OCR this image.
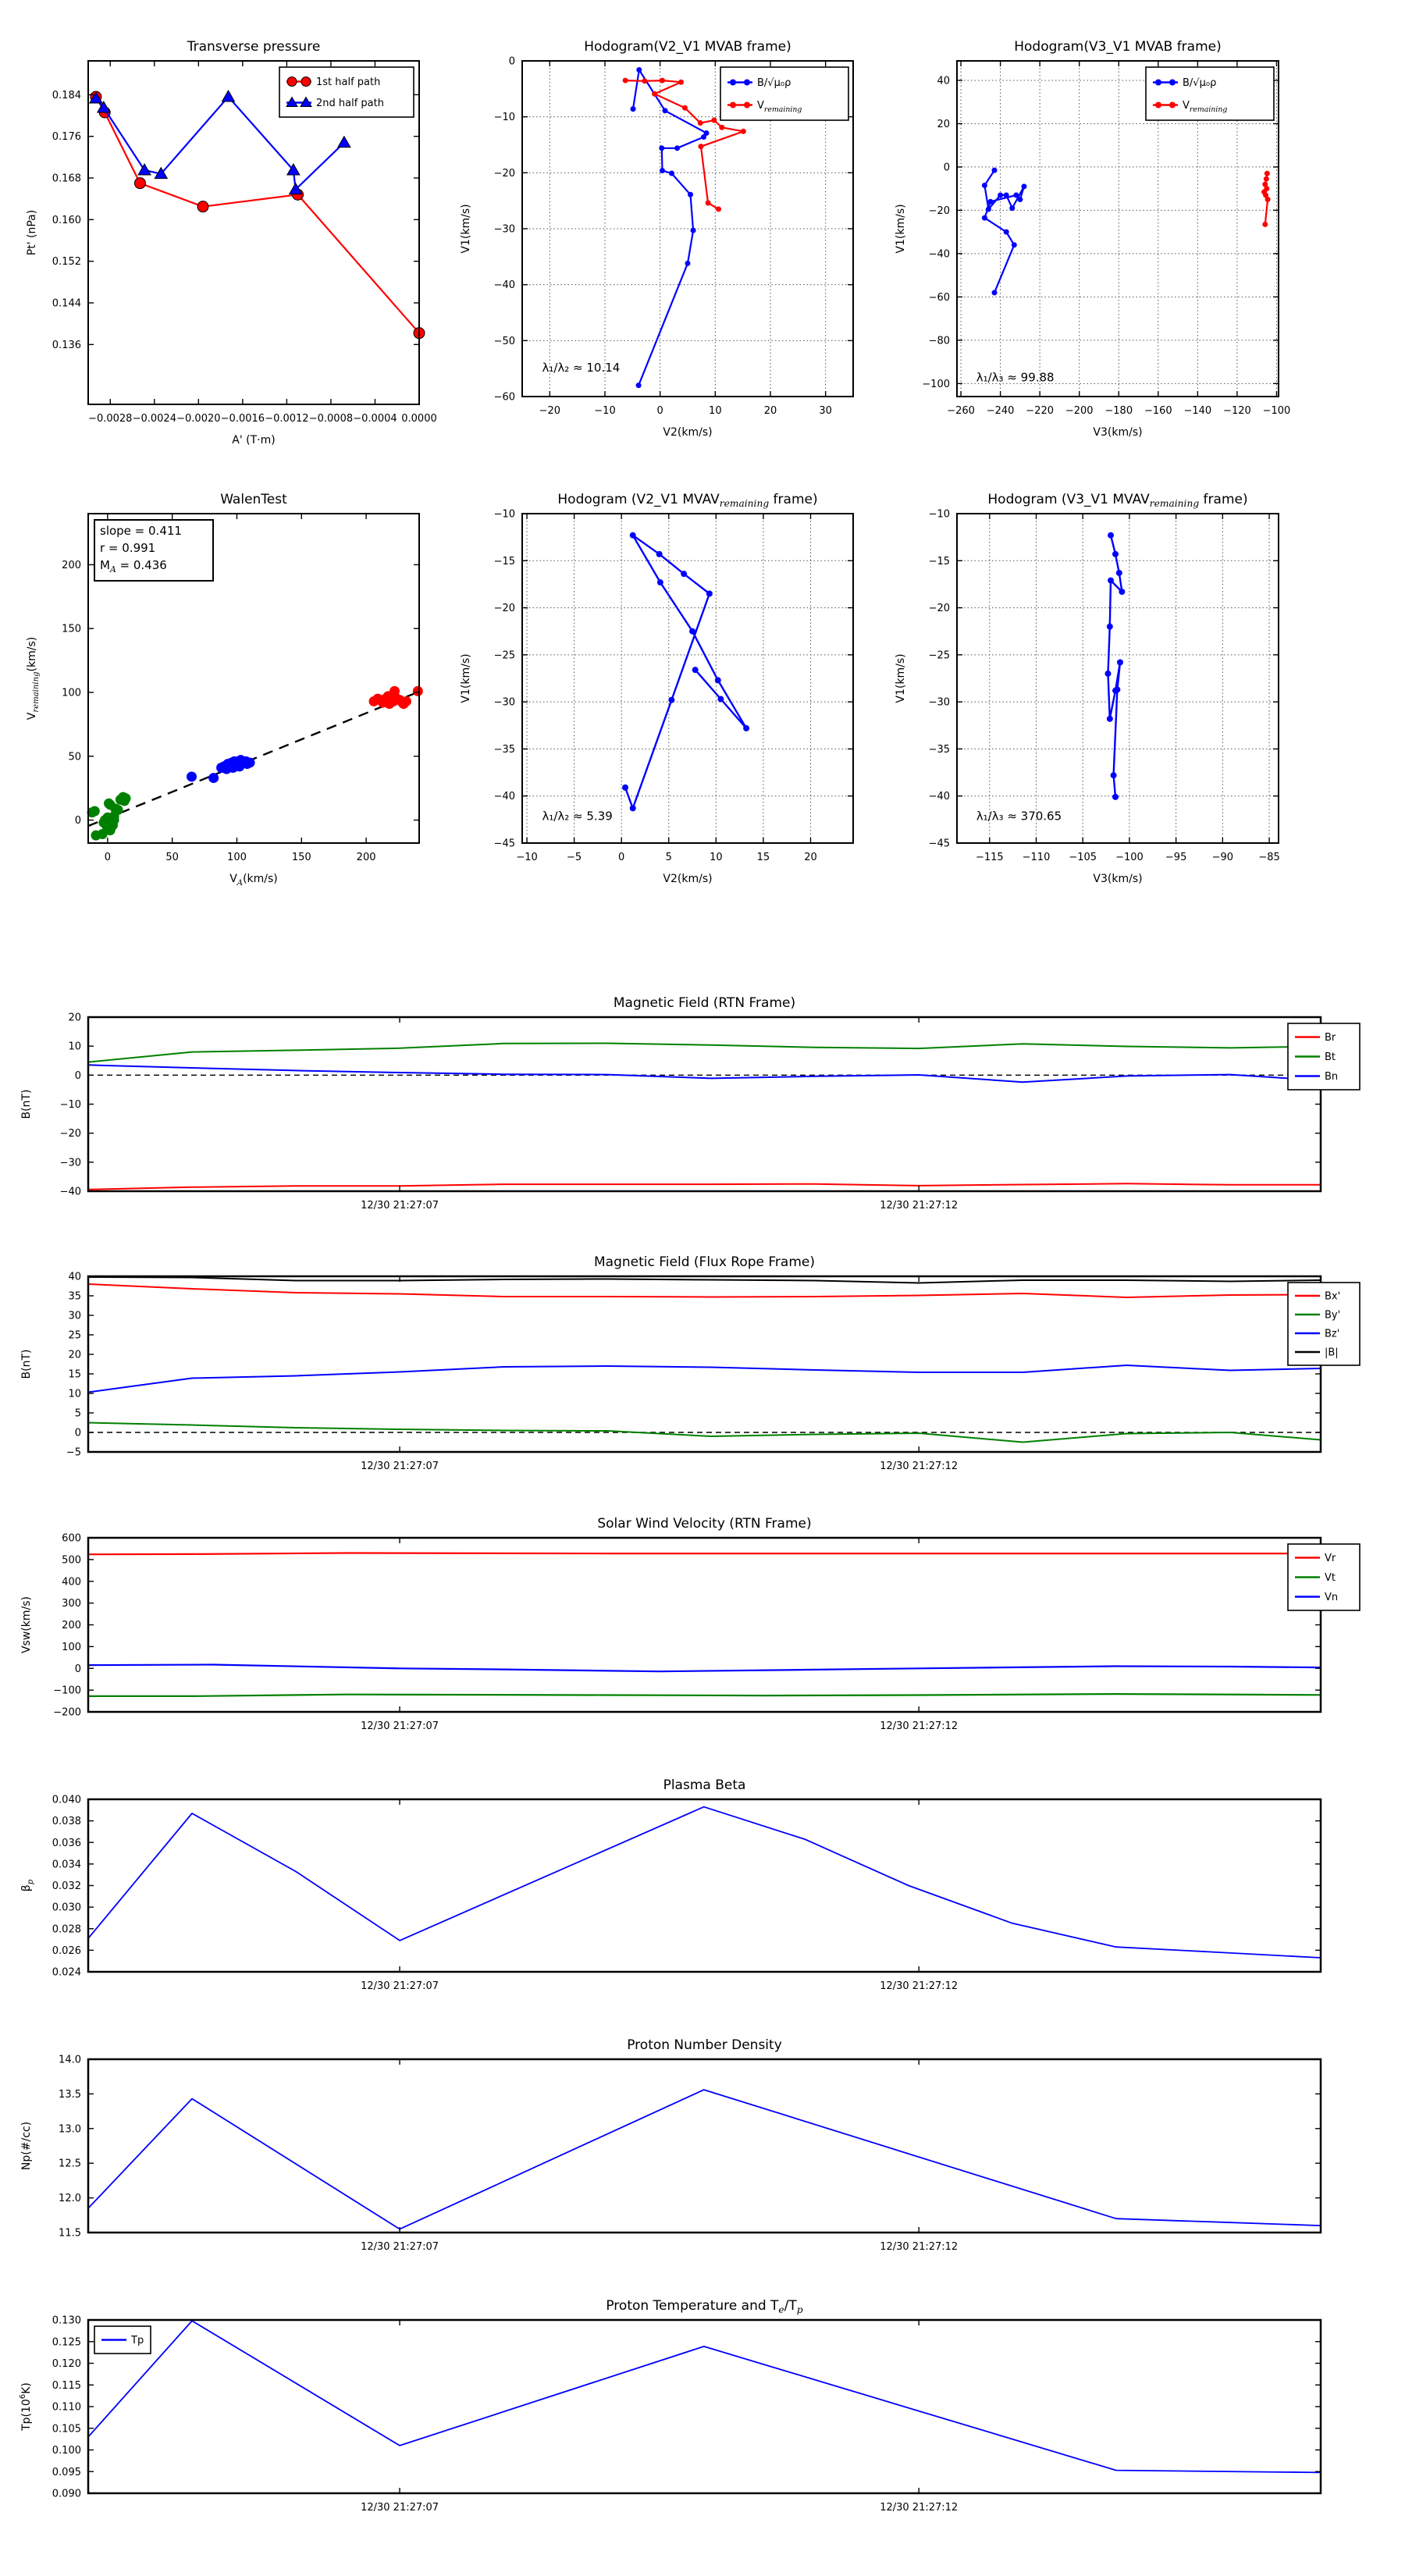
−0.0028 −0.0024 −0.0020 −0.0016 −0.0012 −0.0008 −0.0004 0.0000
0.136
0.144
0.152
0.160
0.168
0.176
0.184
Transverse pressure
A' (T·m)
Pt' (nPa)
1st half path
2nd half path
−20	−10	0	10	20	30
0
−10
−20
−30
−40
−50
−60
Hodogram(V2_V1 MVAB frame)
V2(km/s)
V1(km/s)
λ₁/λ₂ ≈ 10.14
B/√μ₀ρ
$V_{remaining}$
−260 −240 −220 −200 −180 −160 −140 −120 −100
40
20
0
−20
−40
−60
−80
−100
Hodogram(V3_V1 MVAB frame)
V3(km/s)
V1(km/s)
λ₁/λ₃ ≈ 99.88
B/√μ₀ρ
$V_{remaining}$
0	50	100	150	200
0
50
100
150
200
WalenTest
$V_A(km/s)$
$V_{remaining}(km/s)$
slope = 0.411
r = 0.991
$M_A = 0.436$
−10	−5	0	5	10	15	20
−10
−15
−20
−25
−30
−35
−40
−45
Hodogram (V2_V1 $MVAV_{remaining}$ frame)
V2(km/s)
V1(km/s)
λ₁/λ₂ ≈ 5.39
−115 −110 −105 −100 −95 −90 −85
−10
−15
−20
−25
−30
−35
−40
−45
Hodogram (V3_V1 $MVAV_{remaining}$ frame)
V3(km/s)
V1(km/s)
λ₁/λ₃ ≈ 370.65
12/30 21:27:07	12/30 21:27:12
20
10
0
−10
−20
−30
−40
Magnetic Field (RTN Frame)
B(nT)
Br
Bt
Bn
12/30 21:27:07	12/30 21:27:12
40
35
30
25
20
15
10
5
0
−5
Magnetic Field (Flux Rope Frame)
B(nT)
Bx'
By'
Bz'
|B|
12/30 21:27:07	12/30 21:27:12
600
500
400
300
200
100
0
−100
−200
Solar Wind Velocity (RTN Frame)
Vsw(km/s)
Vr
Vt
Vn
12/30 21:27:07	12/30 21:27:12
0.040
0.038
0.036
0.034
0.032
0.030
0.028
0.026
0.024
Plasma Beta
$\beta_p$
12/30 21:27:07	12/30 21:27:12
14.0
13.5
13.0
12.5
12.0
11.5
Proton Number Density
Np(#/cc)
12/30 21:27:07	12/30 21:27:12
0.130
0.125
0.120
0.115
0.110
0.105
0.100
0.095
0.090
Proton Temperature and $T_e/T_p$
$Tp(10^6K)$
Tp
